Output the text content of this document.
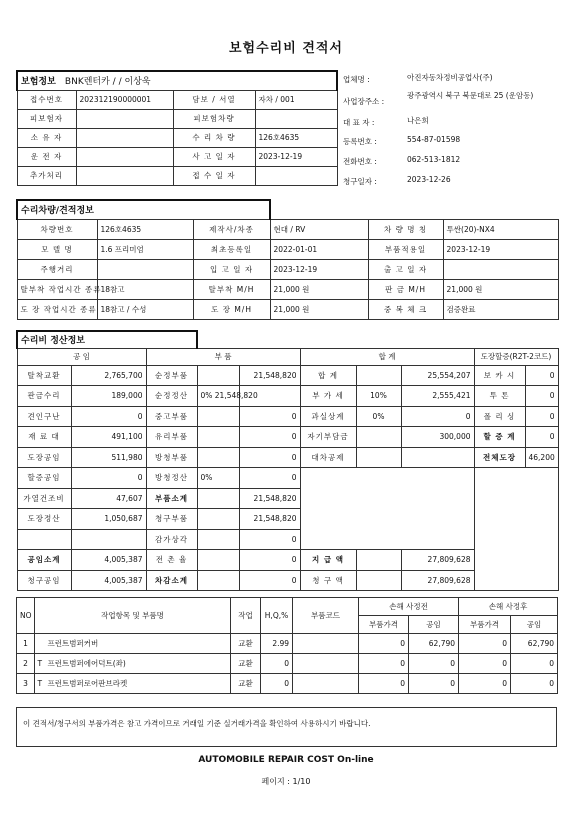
보험수리비 견적서
보험정보 BNK렌터카 / / 이상욱			
접수번호	202312190000001	담보 / 서열	자차 / 001
피보험자		피보험차량	
소 유 자		수 리 차 량	126호4635
운 전 자		사 고 일 자	2023-12-19
추가처리		접 수 일 자	
업체명 :	아진자동차정비공업사(주)
사업장주소 :
광주광역시 북구 북문대로 25 (운암동)
대 표 자 :	나은희
등록번호 :	554-87-01598
전화번호 :	062-513-1812
청구일자 :	2023-12-26
수리차량/견적정보					
차량번호	126호4635	제작사/차종	현대 / RV	차 량 명 칭	투싼(20)-NX4
모 델 명	1.6 프리미엄	최초등록일	2022-01-01	부품적용일	2023-12-19
주행거리		입 고 일 자	2023-12-19	출 고 일 자	
탈부착 작업시간 종류	18참고	탈부착 M/H	21,000 원	판 금 M/H	21,000 원
도 장 작업시간 종류	18참고 / 수성	도 장 M/H	21,000 원	중 복 체 크	검증완료
수리비 정산정보									
공 임		부 품			합 계			도장할증(R2T-2코드)	
탈착교환	2,765,700	순정부품		21,548,820	합 계		25,554,207	보 카 시	0
판금수리	189,000	순정정산	0% 21,548,820		부 가 세	10%	2,555,421	투 톤	0
견인구난	0	중고부품		0	과실상계	0%	0	폴 리 싱	0
재 료 대	491,100	유리부품		0	자기부담금		300,000	할 증 계	0
도장공임	511,980	방청부품		0	대차공제			전체도장	46,200
할증공임	0	방청정산	0%	0					
가열건조비	47,607	부품소계		21,548,820					
도장정산	1,050,687	청구부품		21,548,820					
		감가상각		0					
공임소계	4,005,387	전 촌 율		0	지 급 액		27,809,628		
청구공임	4,005,387	차감소계		0	청 구 액		27,809,628		
NO	작업항목 및 부품명		작업	H,Q,%	부품코드	손해 사정전		손해 사정후	
						부품가격	공임	부품가격	공임
1		프런트범퍼커버	교환	2.99		0	62,790	0	62,790
2	T	프런트범퍼에어덕트(좌)	교환	0		0	0	0	0
3	T	프런트범퍼로어판브라켓	교환	0		0	0	0	0
이 견적서/청구서의 부품가격은 참고 가격이므로 거래일 기준 실거래가격을 확인하여 사용하시기 바랍니다.
AUTOMOBILE REPAIR COST On-line
페이지 : 1/10
